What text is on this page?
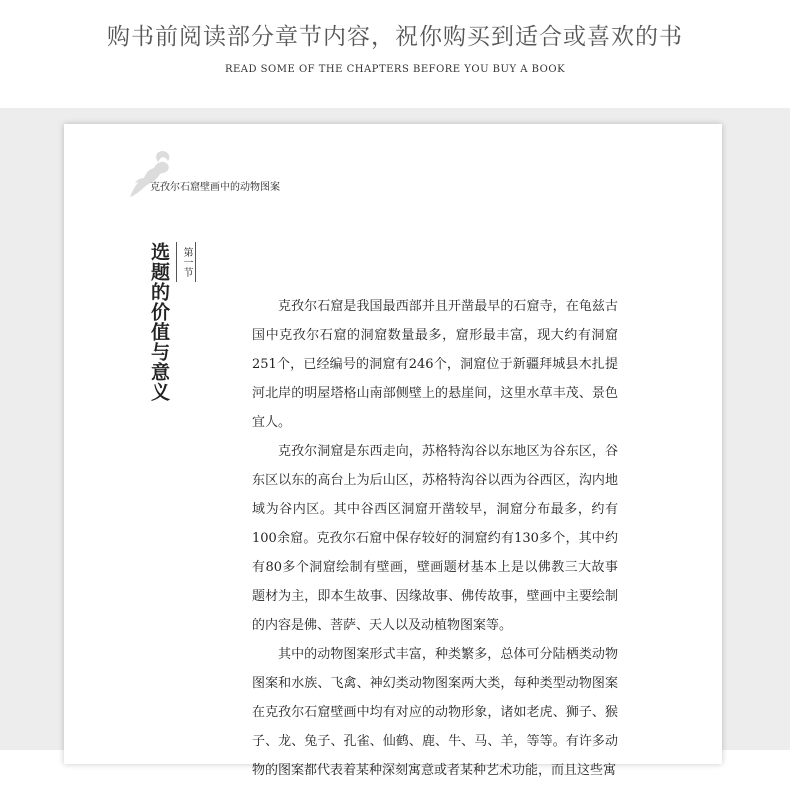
购书前阅读部分章节内容，祝你购买到适合或喜欢的书
READ SOME OF THE CHAPTERS BEFORE YOU BUY A BOOK
克孜尔石窟壁画中的动物图案
选题的价值与意义	第一节

克孜尔石窟是我国最西部并且开凿最早的石窟寺，在龟兹古国中克孜尔石窟的洞窟数量最多，窟形最丰富，现大约有洞窟251个，已经编号的洞窟有246个，洞窟位于新疆拜城县木扎提河北岸的明屋塔格山南部侧壁上的悬崖间，这里水草丰茂、景色宜人。

克孜尔洞窟是东西走向，苏格特沟谷以东地区为谷东区，谷东区以东的高台上为后山区，苏格特沟谷以西为谷西区，沟内地域为谷内区。其中谷西区洞窟开凿较早，洞窟分布最多，约有100余窟。克孜尔石窟中保存较好的洞窟约有130多个，其中约有80多个洞窟绘制有壁画，壁画题材基本上是以佛教三大故事题材为主，即本生故事、因缘故事、佛传故事，壁画中主要绘制的内容是佛、菩萨、天人以及动植物图案等。

其中的动物图案形式丰富，种类繁多，总体可分陆栖类动物图案和水族、飞禽、神幻类动物图案两大类，每种类型动物图案在克孜尔石窟壁画中均有对应的动物形象，诸如老虎、狮子、猴子、龙、兔子、孔雀、仙鹤、鹿、牛、马、羊，等等。有许多动物的图案都代表着某种深刻寓意或者某种艺术功能，而且这些寓
